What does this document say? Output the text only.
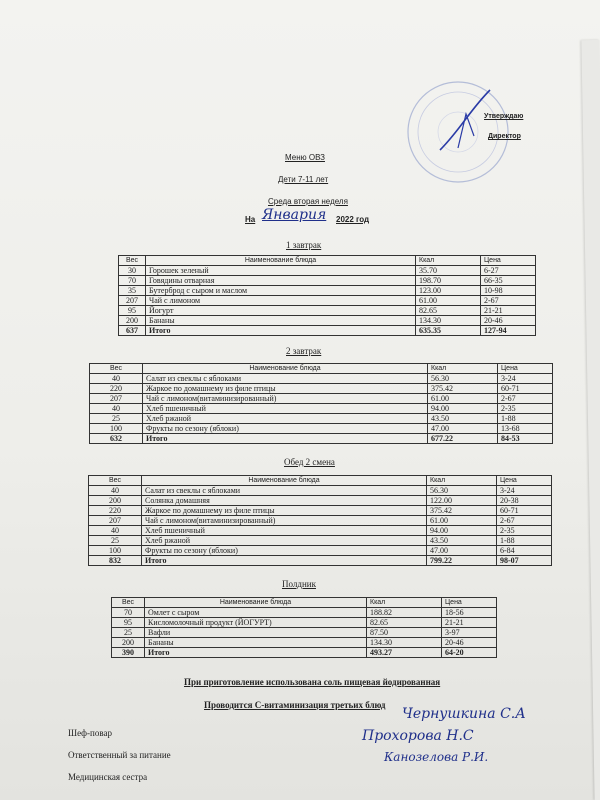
Утверждаю
Директор
Меню ОВЗ
Дети 7-11 лет
Среда вторая неделя
На Январия 2022 год
1 завтрак
Вес	Наименование блюда	Ккал	Цена
30	Горошек зеленый	35.70	6-27
70	Говядины отварная	198.70	66-35
35	Бутерброд с сыром и маслом	123.00	10-98
207	Чай с лимоном	61.00	2-67
95	Йогурт	82.65	21-21
200	Бананы	134.30	20-46
637	Итого	635.35	127-94
Вес	Наименование блюда	Ккал	Цена
40	Салат из свеклы с яблоками	56.30	3-24
220	Жаркое по домашнему из филе птицы	375.42	60-71
207	Чай с лимоном(витаминизированный)	61.00	2-67
40	Хлеб пшеничный	94.00	2-35
25	Хлеб ржаной	43.50	1-88
100	Фрукты по сезону (яблоки)	47.00	13-68
632	Итого	677.22	84-53
Вес	Наименование блюда	Ккал	Цена
40	Салат из свеклы с яблоками	56.30	3-24
200	Солянка домашняя	122.00	20-38
220	Жаркое по домашнему из филе птицы	375.42	60-71
207	Чай с лимоном(витаминизированный)	61.00	2-67
40	Хлеб пшеничный	94.00	2-35
25	Хлеб ржаной	43.50	1-88
100	Фрукты по сезону (яблоки)	47.00	6-84
832	Итого	799.22	98-07
Вес	Наименование блюда	Ккал	Цена
70	Омлет с сыром	188.82	18-56
95	Кисломолочный продукт (ЙОГУРТ)	82.65	21-21
25	Вафли	87.50	3-97
200	Бананы	134.30	20-46
390	Итого	493.27	64-20
2 завтрак
Обед 2 смена
Полдник
При приготовление использована соль пищевая йодированная
Проводится С-витаминизация третьих блюд
Шеф-повар
Ответственный за питание
Медицинская сестра
Чернушкина С.А
Прохорова Н.С
Канозелова Р.И.
